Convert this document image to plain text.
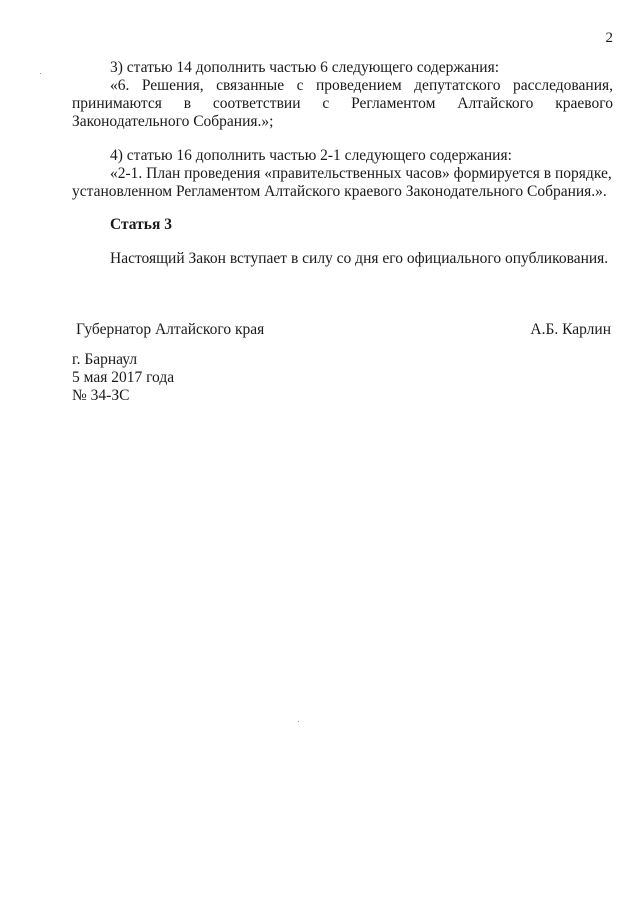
2
3) статью 14 дополнить частью 6 следующего содержания:
«6. Решения, связанные с проведением депутатского расследования,
принимаются в соответствии с Регламентом Алтайского краевого
Законодательного Собрания.»;
4) статью 16 дополнить частью 2-1 следующего содержания:
«2-1. План проведения «правительственных часов» формируется в порядке,
установленном Регламентом Алтайского краевого Законодательного Собрания.».
Статья 3
Настоящий Закон вступает в силу со дня его официального опубликования.
Губернатор Алтайского края	А.Б. Карлин
г. Барнаул
5 мая 2017 года
№ 34-ЗС
